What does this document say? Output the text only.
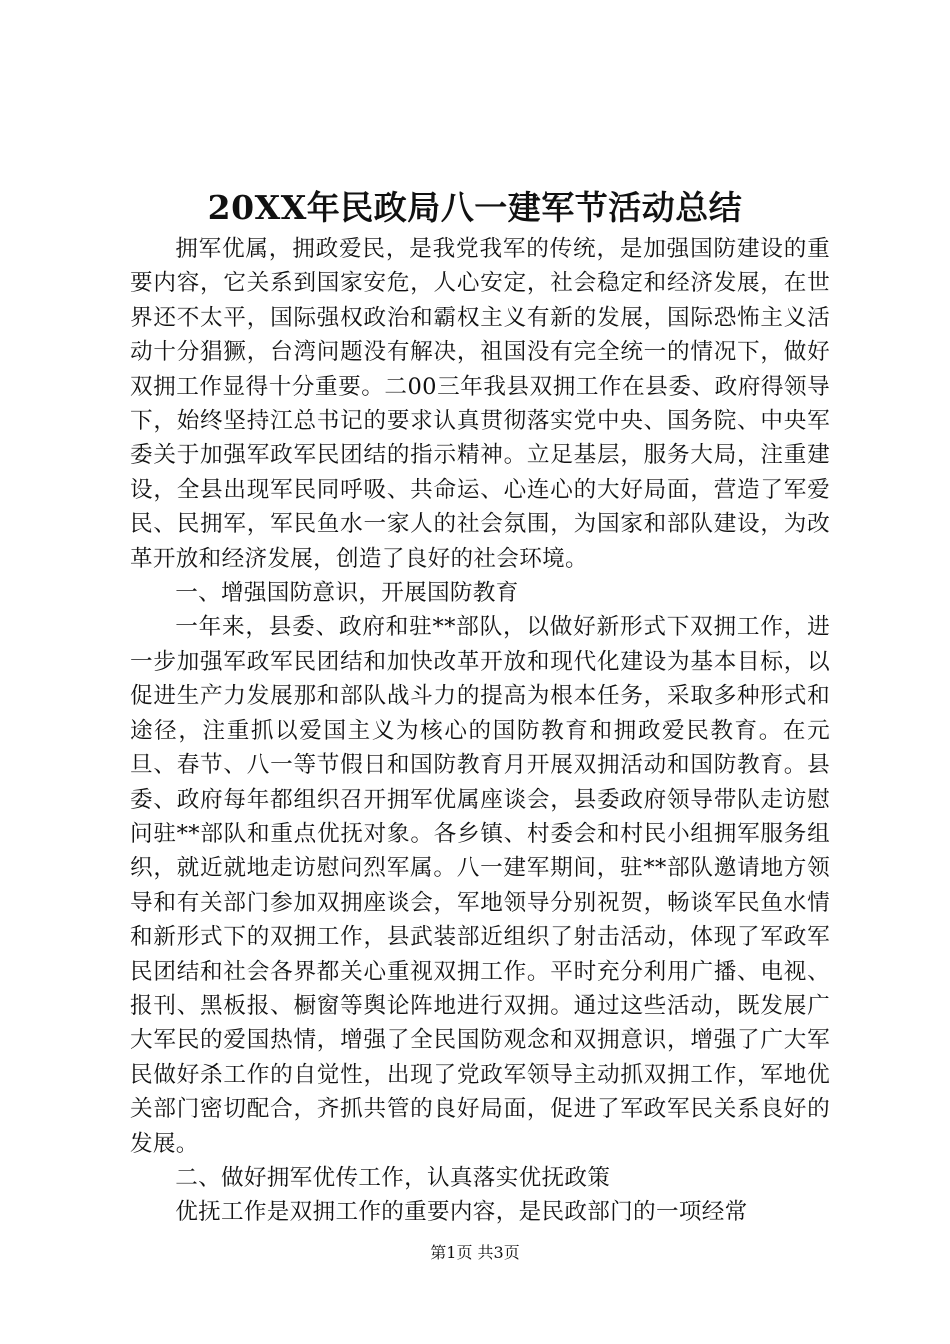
20XX年民政局八一建军节活动总结

拥军优属，拥政爱民，是我党我军的传统，是加强国防建设的重要内容，它关系到国家安危，人心安定，社会稳定和经济发展，在世界还不太平，国际强权政治和霸权主义有新的发展，国际恐怖主义活动十分猖獗，台湾问题没有解决，祖国没有完全统一的情况下，做好双拥工作显得十分重要。二00三年我县双拥工作在县委、政府得领导下，始终坚持江总书记的要求认真贯彻落实党中央、国务院、中央军委关于加强军政军民团结的指示精神。立足基层，服务大局，注重建设，全县出现军民同呼吸、共命运、心连心的大好局面，营造了军爱民、民拥军，军民鱼水一家人的社会氛围，为国家和部队建设，为改革开放和经济发展，创造了良好的社会环境。

一、增强国防意识，开展国防教育

一年来，县委、政府和驻**部队，以做好新形式下双拥工作，进一步加强军政军民团结和加快改革开放和现代化建设为基本目标，以促进生产力发展那和部队战斗力的提高为根本任务，采取多种形式和途径，注重抓以爱国主义为核心的国防教育和拥政爱民教育。在元旦、春节、八一等节假日和国防教育月开展双拥活动和国防教育。县委、政府每年都组织召开拥军优属座谈会，县委政府领导带队走访慰问驻**部队和重点优抚对象。各乡镇、村委会和村民小组拥军服务组织，就近就地走访慰问烈军属。八一建军期间，驻**部队邀请地方领导和有关部门参加双拥座谈会，军地领导分别祝贺，畅谈军民鱼水情和新形式下的双拥工作，县武装部近组织了射击活动，体现了军政军民团结和社会各界都关心重视双拥工作。平时充分利用广播、电视、报刊、黑板报、橱窗等舆论阵地进行双拥。通过这些活动，既发展广大军民的爱国热情，增强了全民国防观念和双拥意识，增强了广大军民做好杀工作的自觉性，出现了党政军领导主动抓双拥工作，军地优关部门密切配合，齐抓共管的良好局面，促进了军政军民关系良好的发展。

二、做好拥军优传工作，认真落实优抚政策

优抚工作是双拥工作的重要内容，是民政部门的一项经常

第1页 共3页
